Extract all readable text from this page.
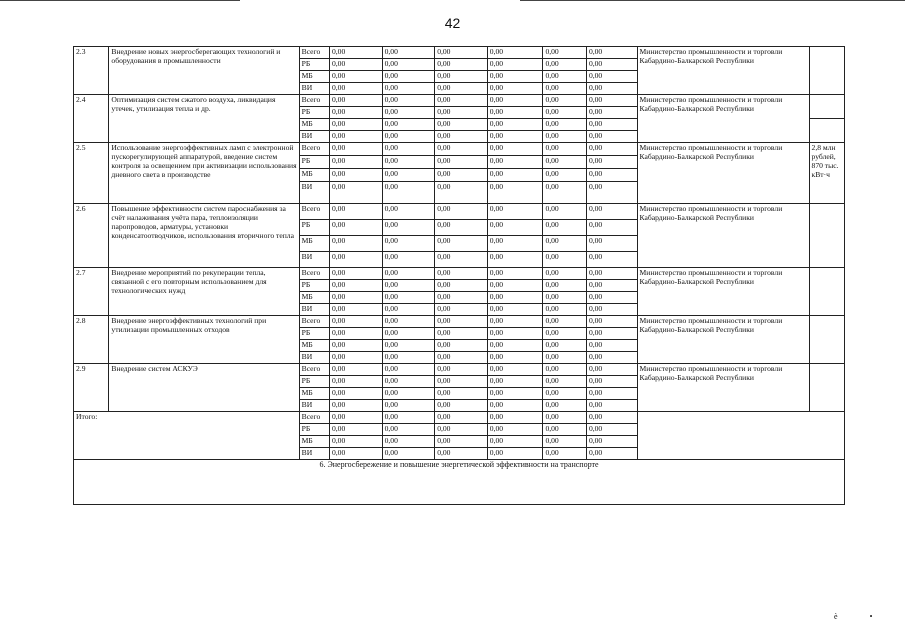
42
2.3	Внедрение новых энергосберегающих технологий и оборудования в промышленности	Всего	0,00	0,00	0,00	0,00	0,00	0,00	Министерство промышленности и торговли Кабардино-Балкарской Республики	
		РБ	0,00	0,00	0,00	0,00	0,00	0,00		
		МБ	0,00	0,00	0,00	0,00	0,00	0,00		
		ВИ	0,00	0,00	0,00	0,00	0,00	0,00		
2.4	Оптимизация систем сжатого воздуха, ликвидация утечек, утилизация тепла и др.	Всего	0,00	0,00	0,00	0,00	0,00	0,00	Министерство промышленности и торговли Кабардино-Балкарской Республики	
		РБ	0,00	0,00	0,00	0,00	0,00	0,00		
		МБ	0,00	0,00	0,00	0,00	0,00	0,00		
		ВИ	0,00	0,00	0,00	0,00	0,00	0,00		
2.5	Использование энергоэффективных ламп с электронной пускорегулирующей аппаратурой, введение систем контроля за освещением при активизации использования дневного света в производстве	Всего	0,00	0,00	0,00	0,00	0,00	0,00	Министерство промышленности и торговли Кабардино-Балкарской Республики	2,8 млн рублей, 870 тыс. кВт·ч
		РБ	0,00	0,00	0,00	0,00	0,00	0,00		
		МБ	0,00	0,00	0,00	0,00	0,00	0,00		
		ВИ	0,00	0,00	0,00	0,00	0,00	0,00		
2.6	Повышение эффективности систем пароснабжения за счёт налаживания учёта пара, теплоизоляции паропроводов, арматуры, установки конденсатоотводчиков, использования вторичного тепла	Всего	0,00	0,00	0,00	0,00	0,00	0,00	Министерство промышленности и торговли Кабардино-Балкарской Республики	
		РБ	0,00	0,00	0,00	0,00	0,00	0,00		
		МБ	0,00	0,00	0,00	0,00	0,00	0,00		
		ВИ	0,00	0,00	0,00	0,00	0,00	0,00		
2.7	Внедрение мероприятий по рекуперации тепла, связанной с его повторным использованием для технологических нужд	Всего	0,00	0,00	0,00	0,00	0,00	0,00	Министерство промышленности и торговли Кабардино-Балкарской Республики	
		РБ	0,00	0,00	0,00	0,00	0,00	0,00		
		МБ	0,00	0,00	0,00	0,00	0,00	0,00		
		ВИ	0,00	0,00	0,00	0,00	0,00	0,00		
2.8	Внедрение энергоэффективных технологий при утилизации промышленных отходов	Всего	0,00	0,00	0,00	0,00	0,00	0,00	Министерство промышленности и торговли Кабардино-Балкарской Республики	
		РБ	0,00	0,00	0,00	0,00	0,00	0,00		
		МБ	0,00	0,00	0,00	0,00	0,00	0,00		
		ВИ	0,00	0,00	0,00	0,00	0,00	0,00		
2.9	Внедрение систем АСКУЭ	Всего	0,00	0,00	0,00	0,00	0,00	0,00	Министерство промышленности и торговли Кабардино-Балкарской Республики	
		РБ	0,00	0,00	0,00	0,00	0,00	0,00		
		МБ	0,00	0,00	0,00	0,00	0,00	0,00		
		ВИ	0,00	0,00	0,00	0,00	0,00	0,00		
Итого:		Всего	0,00	0,00	0,00	0,00	0,00	0,00		
		РБ	0,00	0,00	0,00	0,00	0,00	0,00		
		МБ	0,00	0,00	0,00	0,00	0,00	0,00		
		ВИ	0,00	0,00	0,00	0,00	0,00	0,00		
6. Энергосбережение и повышение энергетической эффективности на транспорте										
ѐ	•
